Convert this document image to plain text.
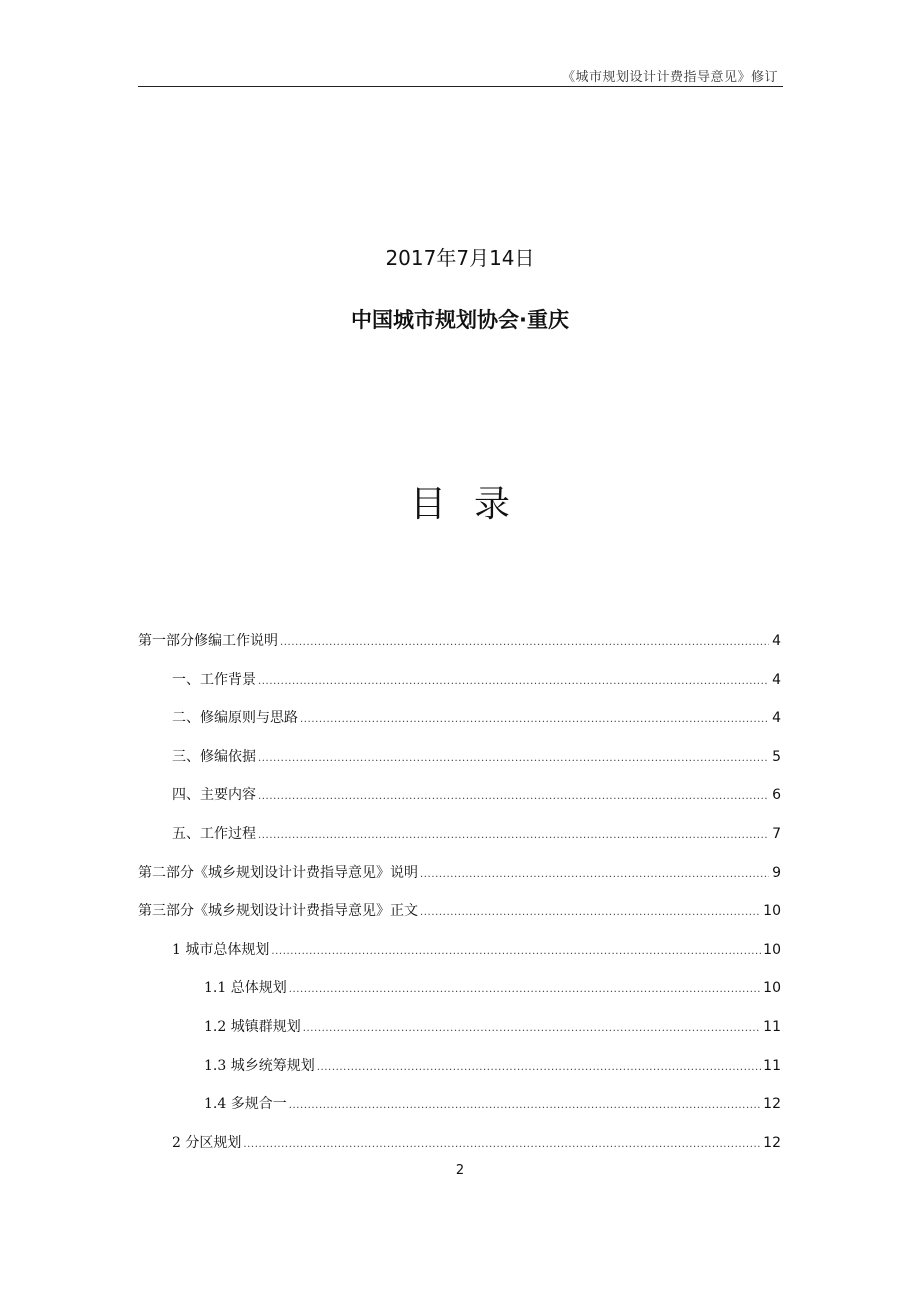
《城市规划设计计费指导意见》修订
2017年7月14日
中国城市规划协会·重庆
目录
第一部分修编工作说明 .....	4
一、工作背景 .....	4
二、修编原则与思路 .....	4
三、修编依据 .....	5
四、主要内容 .....	6
五、工作过程 .....	7
第二部分《城乡规划设计计费指导意见》说明 .....	9
第三部分《城乡规划设计计费指导意见》正文 .....	10
1 城市总体规划 .....	10
1.1 总体规划 .....	10
1.2 城镇群规划 .....	11
1.3 城乡统筹规划 .....	11
1.4 多规合一 .....	12
2 分区规划 .....	12
2
